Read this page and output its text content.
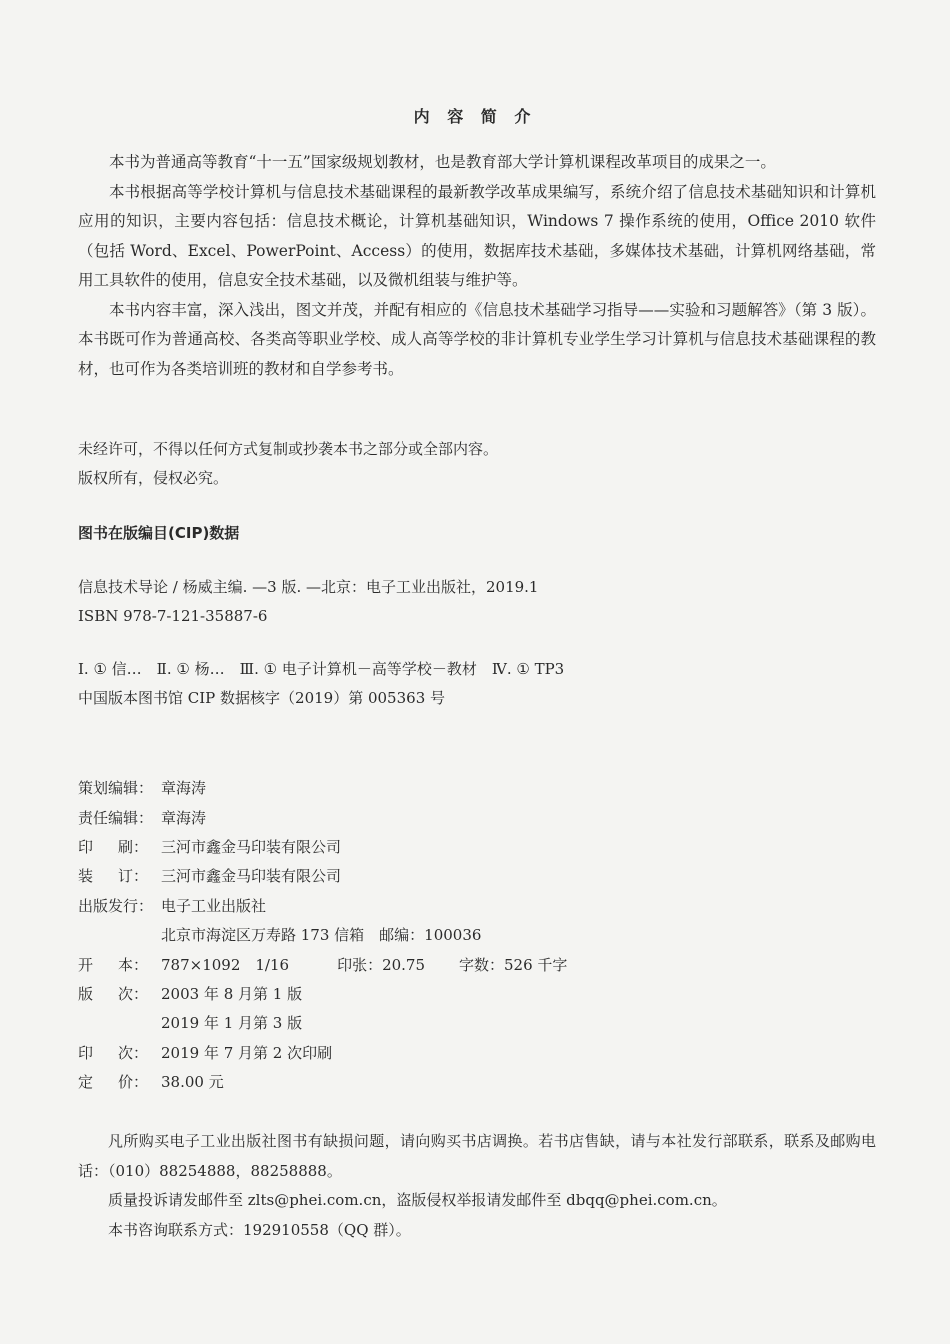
内 容 简 介

本书为普通高等教育“十一五”国家级规划教材，也是教育部大学计算机课程改革项目的成果之一。

本书根据高等学校计算机与信息技术基础课程的最新教学改革成果编写，系统介绍了信息技术基础知识和计算机应用的知识，主要内容包括：信息技术概论，计算机基础知识，Windows 7 操作系统的使用，Office 2010 软件（包括 Word、Excel、PowerPoint、Access）的使用，数据库技术基础，多媒体技术基础，计算机网络基础，常用工具软件的使用，信息安全技术基础，以及微机组装与维护等。

本书内容丰富，深入浅出，图文并茂，并配有相应的《信息技术基础学习指导——实验和习题解答》（第 3 版）。本书既可作为普通高校、各类高等职业学校、成人高等学校的非计算机专业学生学习计算机与信息技术基础课程的教材，也可作为各类培训班的教材和自学参考书。

未经许可，不得以任何方式复制或抄袭本书之部分或全部内容。
版权所有，侵权必究。
图书在版编目(CIP)数据
信息技术导论 / 杨威主编. —3 版. —北京：电子工业出版社，2019.1
ISBN 978-7-121-35887-6
Ⅰ. ① 信…　Ⅱ. ① 杨…　Ⅲ. ① 电子计算机－高等学校－教材　Ⅳ. ① TP3
中国版本图书馆 CIP 数据核字（2019）第 005363 号
策划编辑： 章海涛
责任编辑： 章海涛
印 刷： 三河市鑫金马印装有限公司
装 订： 三河市鑫金马印装有限公司
出版发行： 电子工业出版社
北京市海淀区万寿路 173 信箱　邮编：100036
开 本： 787×1092　1/16	印张：20.75 字数：526 千字
版 次： 2003 年 8 月第 1 版
2019 年 1 月第 3 版
印 次： 2019 年 7 月第 2 次印刷
定 价： 38.00 元

凡所购买电子工业出版社图书有缺损问题，请向购买书店调换。若书店售缺，请与本社发行部联系，联系及邮购电话：（010）88254888，88258888。

质量投诉请发邮件至 zlts@phei.com.cn，盗版侵权举报请发邮件至 dbqq@phei.com.cn。

本书咨询联系方式：192910558（QQ 群）。
